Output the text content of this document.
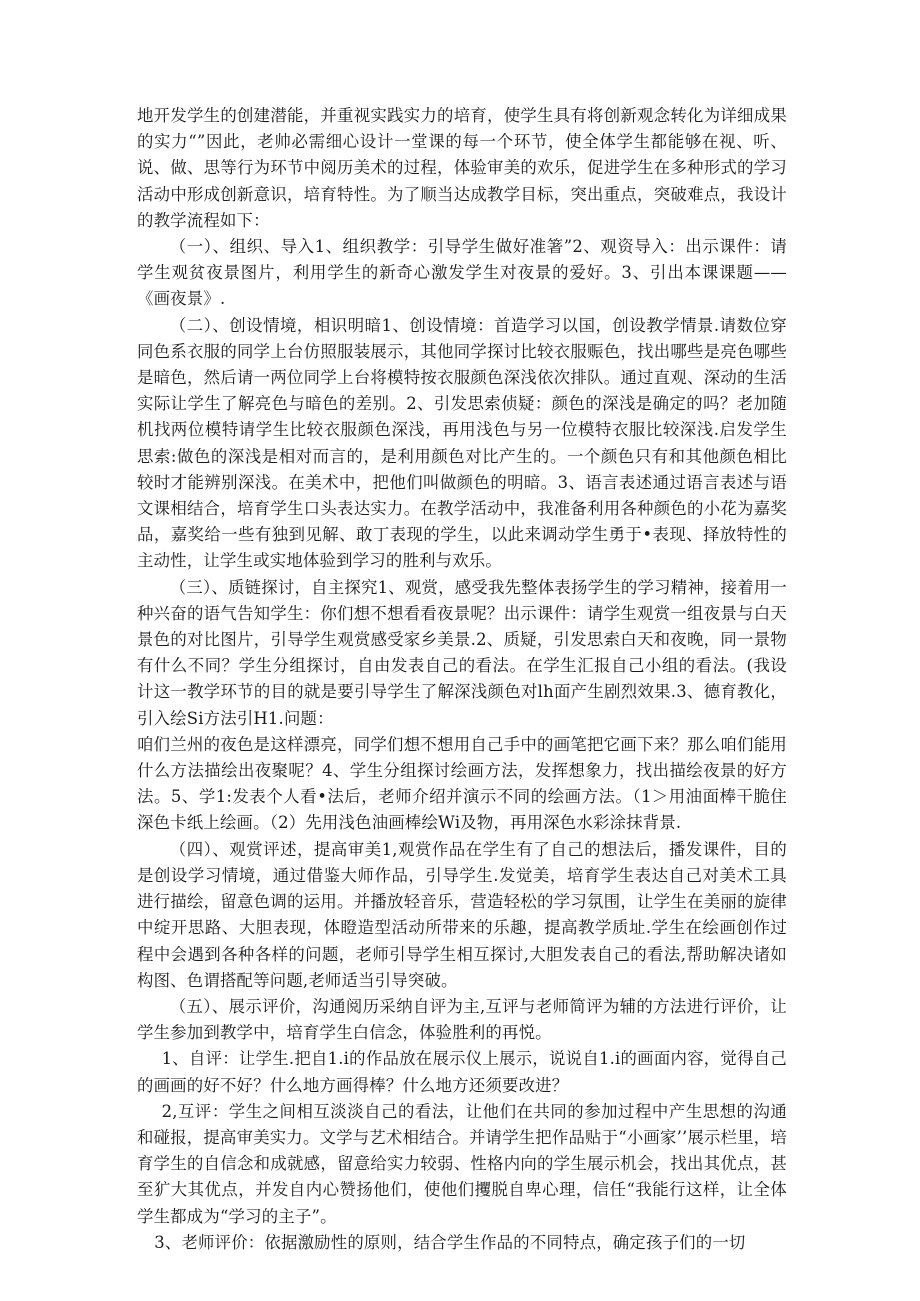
地开发学生的创建潜能，并重视实践实力的培育，使学生具有将创新观念转化为详细成果的实力“”因此，老帅必需细心设计一堂课的每一个环节，使全体学生都能够在视、听、说、做、思等行为环节中阅历美术的过程，体验审美的欢乐，促进学生在多种形式的学习活动中形成创新意识，培育特性。为了顺当达成教学目标，突出重点，突破难点，我设计的教学流程如下：

（一）、组织、导入1、组织教学：引导学生做好准箸”2、观资导入：出示课件：请学生观贫夜景图片，利用学生的新奇心激发学生对夜景的爱好。3、引出本课课题——《画夜景》.

（二）、创设情境，相识明暗1、创设情境：首造学习以国，创设教学情景.请数位穿同色系衣服的同学上台仿照服装展示，其他同学探讨比较衣服赈色，找出哪些是亮色哪些是暗色，然后请一两位同学上台将模特按衣服颜色深浅依次排队。通过直观、深动的生活实际让学生了解亮色与暗色的差别。2、引发思索侦疑：颜色的深浅是确定的吗？老加随机找两位模特请学生比较衣服颜色深浅，再用浅色与另一位模特衣服比较深浅.启发学生思索:做色的深浅是相对而言的，是利用颜色对比产生的。一个颜色只有和其他颜色相比较时才能辨别深浅。在美术中，把他们叫做颜色的明暗。3、语言表述通过语言表述与语文课相结合，培育学生口头表达实力。在教学活动中，我准备利用各种颜色的小花为嘉奖品，嘉奖给一些有独到见解、敢丁表现的学生，以此来调动学生勇于•表现、择放特性的主动性，让学生或实地体验到学习的胜利与欢乐。

（三）、质链探讨，自主探究1、观赏，感受我先整体表扬学生的学习精神，接着用一种兴奋的语气告知学生：你们想不想看看夜景呢？出示课件：请学生观赏一组夜景与白天景色的对比图片，引导学生观赏感受家乡美景.2、质疑，引发思索白天和夜晚，同一景物有什么不同？学生分组探讨，自由发表自己的看法。在学生汇报自己小组的看法。(我设计这一教学环节的目的就是要引导学生了解深浅颜色对lh面产生剧烈效果.3、德育教化，引入绘Si方法引H1.问题：

咱们兰州的夜色是这样漂亮，同学们想不想用自己手中的画笔把它画下来？那么咱们能用什么方法描绘出夜聚呢？4、学生分组探讨绘画方法，发挥想象力，找出描绘夜景的好方法。5、学1:发表个人看•法后，老师介绍并演示不同的绘画方法。（1＞用油面棒干脆住深色卡纸上绘画。（2）先用浅色油画棒绘Wi及物，再用深色水彩涂抹背景.

（四）、观赏评述，提高审美1,观赏作品在学生有了自己的想法后，播发课件，目的是创设学习情境，通过借鉴大师作品，引导学生.发觉美，培育学生表达自己对美术工具进行描绘，留意色调的运用。并播放轻音乐，营造轻松的学习氛围，让学生在美丽的旋律中绽开思路、大胆表现，体瞪造型活动所带来的乐趣，提高教学质址.学生在绘画创作过程中会遇到各种各样的问题，老师引导学生相互探讨,大胆发表自己的看法,帮助解决诸如构图、色谓搭配等问题,老师适当引导突破。

（五）、展示评价，沟通阅历采纳自评为主,互评与老师简评为辅的方法进行评价，让学生参加到教学中，培育学生白信念，体验胜利的再悦。

1、自评：让学生.把自1.i的作品放在展示仪上展示，说说自1.i的画面内容，觉得自己的画画的好不好？什么地方画得棒？什么地方还须要改进？

2,互评：学生之间相互淡淡自己的看法，让他们在共同的参加过程中产生思想的沟通和碰报，提高审美实力。文学与艺术相结合。并请学生把作品贴于“小画家’’展示栏里，培育学生的自信念和成就感，留意给实力较弱、性格内向的学生展示机会，找出其优点，甚至犷大其优点，并发自内心赞扬他们，使他们攫脱自卑心理，信任“我能行这样，让全体学生都成为“学习的主子”。

3、老师评价：依据激励性的原则，结合学生作品的不同特点，确定孩子们的一切
